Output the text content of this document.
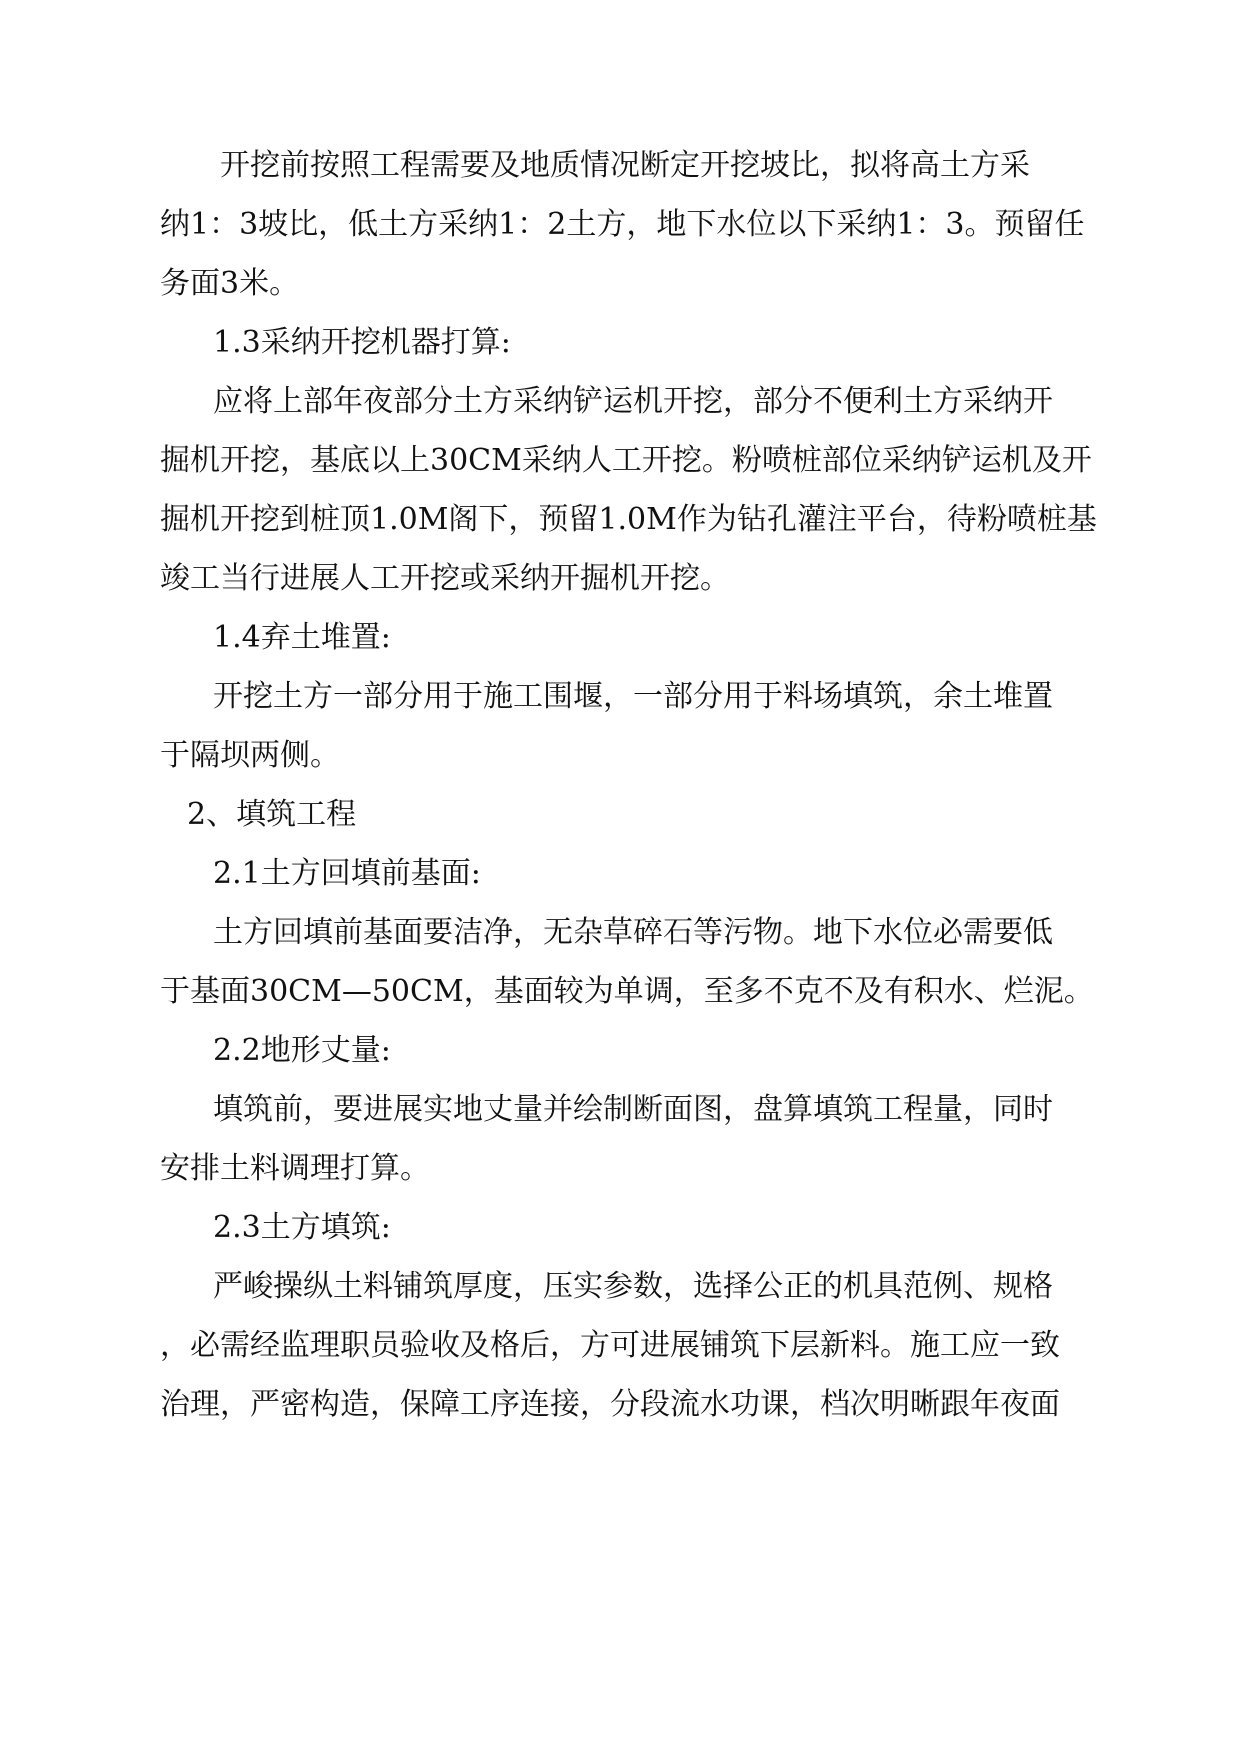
开挖前按照工程需要及地质情况断定开挖坡比，拟将高土方采

纳1：3坡比，低土方采纳1：2土方，地下水位以下采纳1：3。预留任

务面3米。

1.3采纳开挖机器打算:

应将上部年夜部分土方采纳铲运机开挖，部分不便利土方采纳开

掘机开挖，基底以上30CM采纳人工开挖。粉喷桩部位采纳铲运机及开

掘机开挖到桩顶1.0M阁下，预留1.0M作为钻孔灌注平台，待粉喷桩基

竣工当行进展人工开挖或采纳开掘机开挖。

1.4弃土堆置:

开挖土方一部分用于施工围堰，一部分用于料场填筑，余土堆置

于隔坝两侧。

2、填筑工程

2.1土方回填前基面:

土方回填前基面要洁净，无杂草碎石等污物。地下水位必需要低

于基面30CM—50CM，基面较为单调，至多不克不及有积水、烂泥。

2.2地形丈量:

填筑前，要进展实地丈量并绘制断面图，盘算填筑工程量，同时

安排土料调理打算。

2.3土方填筑:

严峻操纵土料铺筑厚度，压实参数，选择公正的机具范例、规格

，必需经监理职员验收及格后，方可进展铺筑下层新料。施工应一致

治理，严密构造，保障工序连接，分段流水功课，档次明晰跟年夜面
